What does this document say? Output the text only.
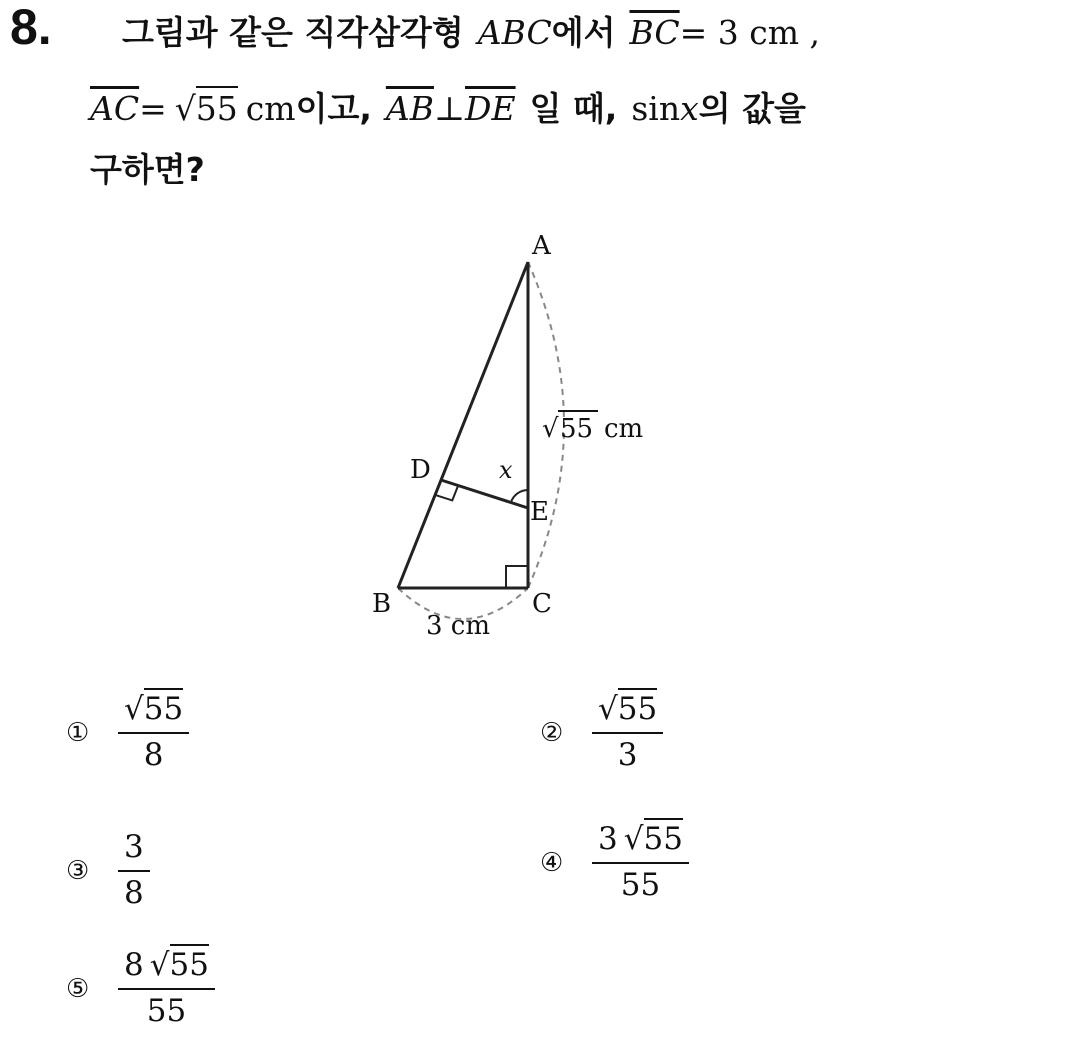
8. 그림과 같은 직각삼각형 ABC에서 $\overline{BC}= 3$ cm ,
$\overline{AC}= √55$ cm이고, $\overline{AB}\perp\overline{DE}$ 일 때, sinx의 값을
구하면?
A
B	C
D
E
x
√ 55 cm
3 cm
① $\frac{√55}{8}$	② $\frac{√55}{3}$
③ $\frac{3}{8}$	④ $\frac{3 √55}{55}$
⑤ $\frac{8 √55}{55}$
